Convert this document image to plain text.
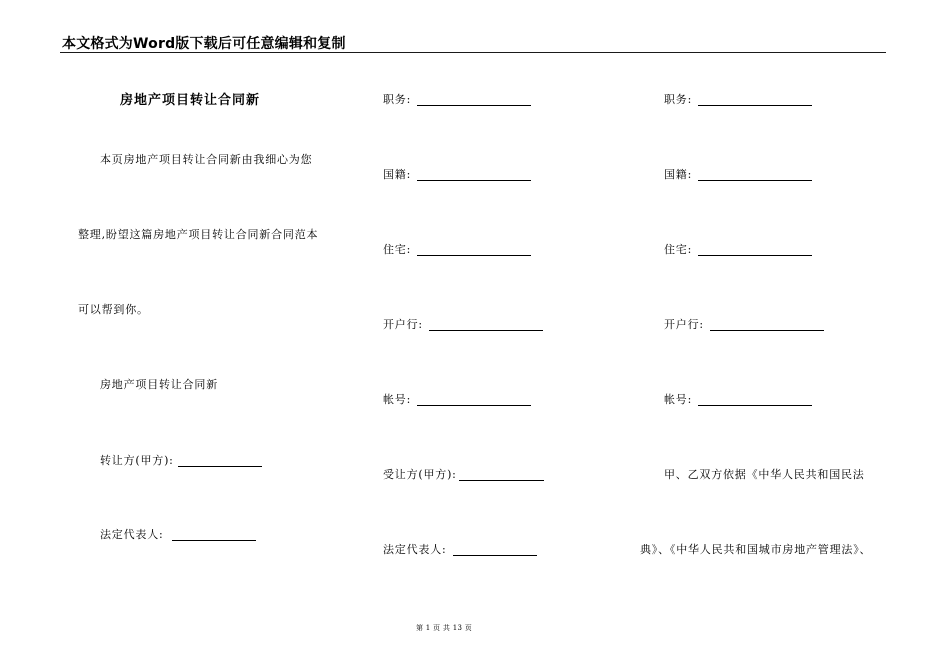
本文格式为Word版下载后可任意编辑和复制
房地产项目转让合同新
本页房地产项目转让合同新由我细心为您
整理,盼望这篇房地产项目转让合同新合同范本
可以帮到你。
房地产项目转让合同新
转让方(甲方):
法定代表人:
职务:
国籍:
住宅:
开户行:
帐号:
受让方(甲方):
法定代表人:
职务:
国籍:
住宅:
开户行:
帐号:
甲、乙双方依据《中华人民共和国民法
典》、《中华人民共和国城市房地产管理法》、
第 1 页 共 13 页
